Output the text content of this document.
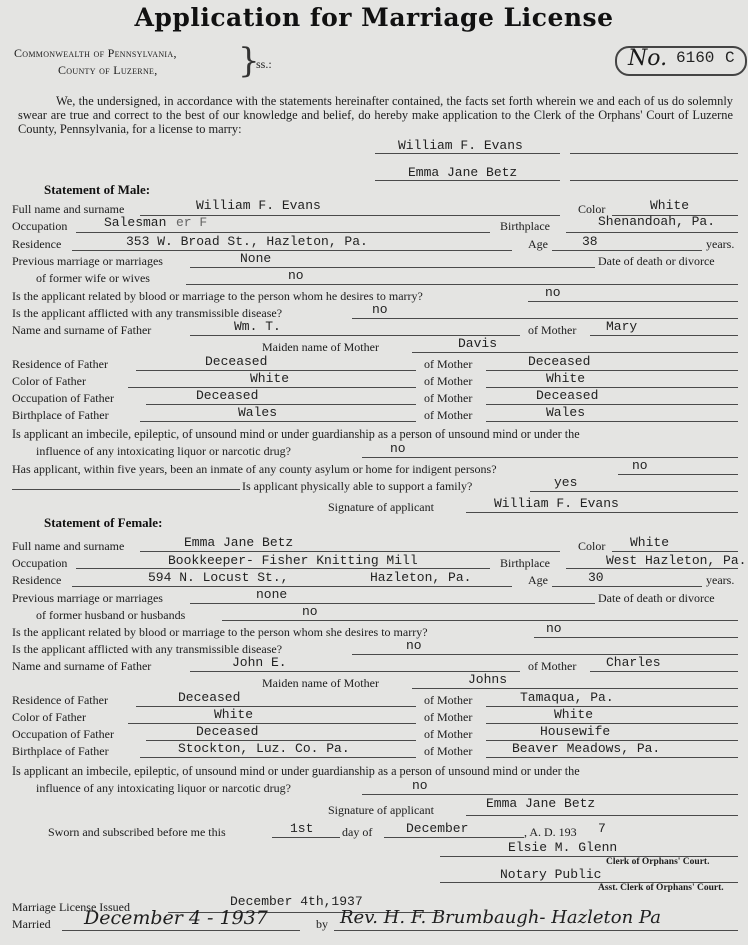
Application for Marriage License
Commonwealth of Pennsylvania,
County of Luzerne, }
ss.:	No. 6160 C
We, the undersigned, in accordance with the statements hereinafter contained, the facts set forth wherein we and each of us do solemnly swear are true and correct to the best of our knowledge and belief, do hereby make application to the Clerk of the Orphans' Court of Luzerne County, Pennsylvania, for a license to marry:
William F. Evans
Emma Jane Betz
Statement of Male:
Full name and surname	William F. Evans	Color	White
Occupation	Salesman er F	Birthplace	Shenandoah, Pa.
Residence	353 W. Broad St., Hazleton, Pa.	Age	38	years.
Previous marriage or marriages	None	Date of death or divorce
of former wife or wives	no
Is the applicant related by blood or marriage to the person whom he desires to marry?	no
Is the applicant afflicted with any transmissible disease?	no
Name and surname of Father	Wm. T.	of Mother Mary
Maiden name of Mother	Davis
Residence of Father	Deceased	of Mother	Deceased
Color of Father	White	of Mother	White
Occupation of Father	Deceased	of Mother	Deceased
Birthplace of Father	Wales	of Mother	Wales
Is applicant an imbecile, epileptic, of unsound mind or under guardianship as a person of unsound mind or under the
influence of any intoxicating liquor or narcotic drug?	no
Has applicant, within five years, been an inmate of any county asylum or home for indigent persons?	no
Is applicant physically able to support a family?	yes
Signature of applicant	William F. Evans
Statement of Female:
Full name and surname	Emma Jane Betz	Color White
Occupation	Bookkeeper- Fisher Knitting Mill	Birthplace	West Hazleton, Pa.
Residence	594 N. Locust St.,	Hazleton, Pa.	Age	30	years.
Previous marriage or marriages	none	Date of death or divorce
of former husband or husbands	no
Is the applicant related by blood or marriage to the person whom she desires to marry?	no
Is the applicant afflicted with any transmissible disease?	no
Name and surname of Father	John E.	of Mother Charles
Maiden name of Mother	Johns
Residence of Father	Deceased	of Mother	Tamaqua, Pa.
Color of Father	White	of Mother	White
Occupation of Father	Deceased	of Mother	Housewife
Birthplace of Father	Stockton, Luz. Co. Pa.	of Mother	Beaver Meadows, Pa.
Is applicant an imbecile, epileptic, of unsound mind or under guardianship as a person of unsound mind or under the
influence of any intoxicating liquor or narcotic drug?	no
Signature of applicant	Emma Jane Betz
Sworn and subscribed before me this	1st day of	December	, A. D. 193 7
Elsie M. Glenn
Clerk of Orphans' Court.
Notary Public
Asst. Clerk of Orphans' Court.
Marriage License Issued	December 4th,1937
Married December 4 - 1937	by Rev. H. F. Brumbaugh- Hazleton Pa
